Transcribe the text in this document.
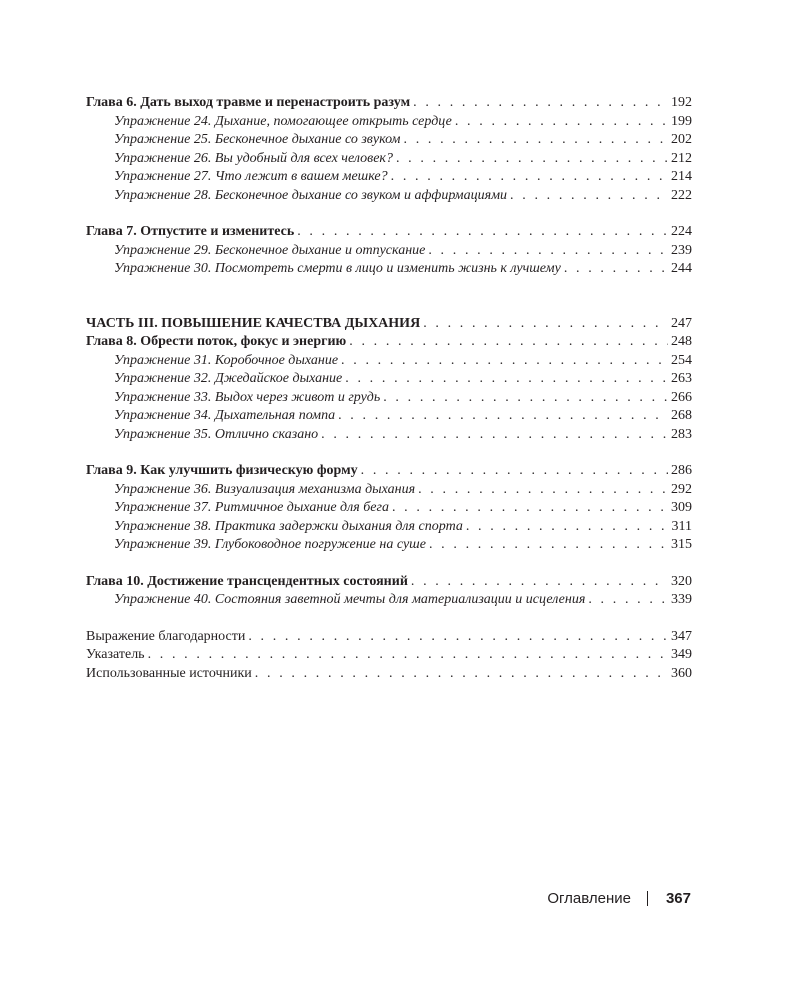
Глава 6. Дать выход травме и перенастроить разум . . .	192
Упражнение 24. Дыхание, помогающее открыть сердце . . .	199
Упражнение 25. Бесконечное дыхание со звуком . . .	202
Упражнение 26. Вы удобный для всех человек? . . .	212
Упражнение 27. Что лежит в вашем мешке? . . .	214
Упражнение 28. Бесконечное дыхание со звуком и аффирмациями . . .	222
Глава 7. Отпустите и изменитесь . . .	224
Упражнение 29. Бесконечное дыхание и отпускание . . .	239
Упражнение 30. Посмотреть смерти в лицо и изменить жизнь к лучшему . . .	244
ЧАСТЬ III. ПОВЫШЕНИЕ КАЧЕСТВА ДЫХАНИЯ . . .	247
Глава 8. Обрести поток, фокус и энергию . . .	248
Упражнение 31. Коробочное дыхание . . .	254
Упражнение 32. Джедайское дыхание . . .	263
Упражнение 33. Выдох через живот и грудь . . .	266
Упражнение 34. Дыхательная помпа . . .	268
Упражнение 35. Отлично сказано . . .	283
Глава 9. Как улучшить физическую форму . . .	286
Упражнение 36. Визуализация механизма дыхания . . .	292
Упражнение 37. Ритмичное дыхание для бега . . .	309
Упражнение 38. Практика задержки дыхания для спорта . . .	311
Упражнение 39. Глубоководное погружение на суше . . .	315
Глава 10. Достижение трансцендентных состояний . . .	320
Упражнение 40. Состояния заветной мечты для материализации и исцеления . . .	339
Выражение благодарности . . .	347
Указатель . . .	349
Использованные источники . . .	360
Оглавление 367
